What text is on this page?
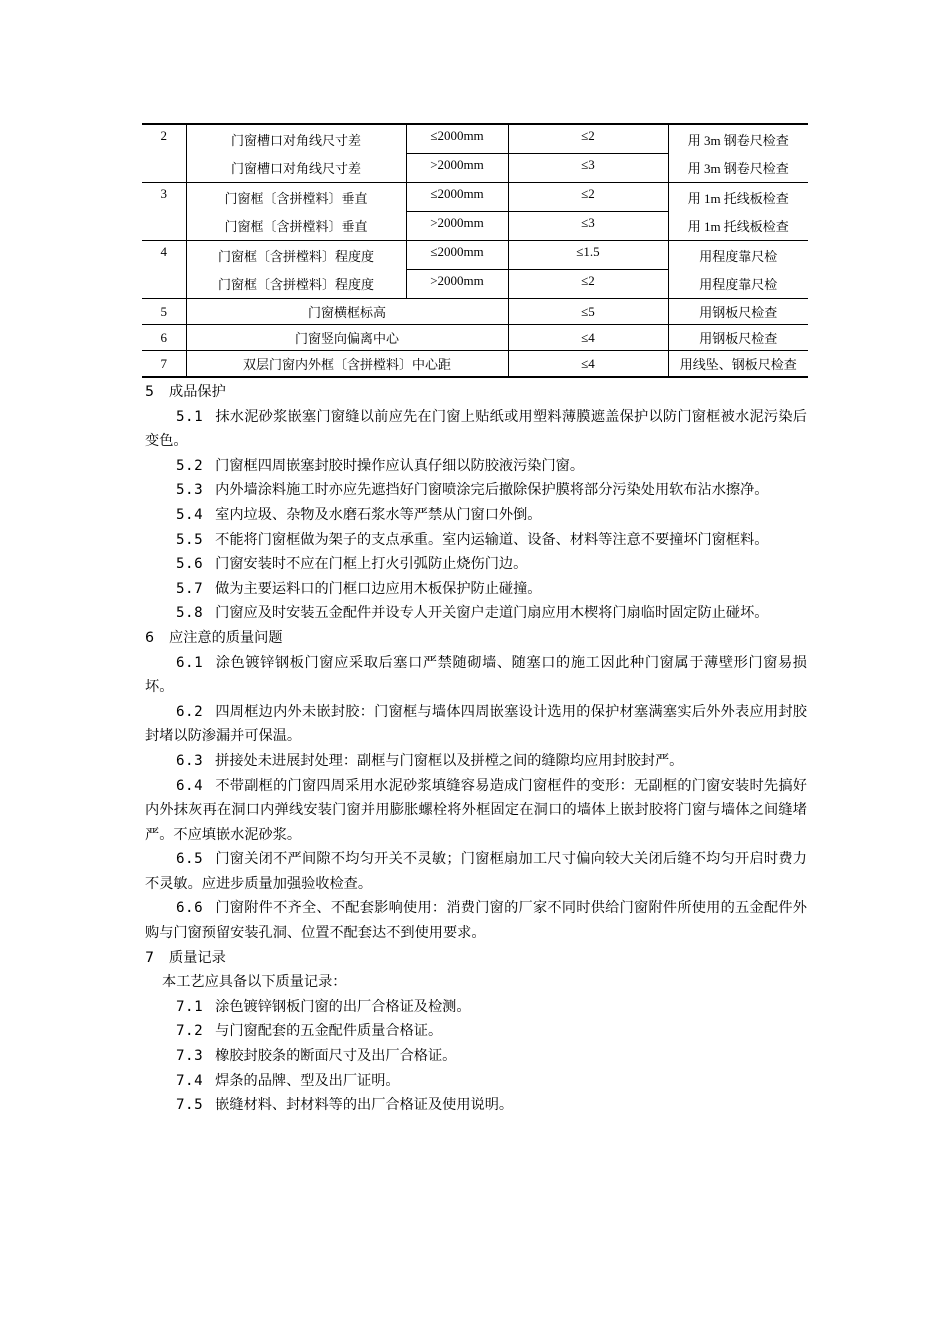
2	门窗槽口对角线尺寸差	≤2000mm	≤2	用 3m 钢卷尺检查
	门窗槽口对角线尺寸差	>2000mm	≤3	用 3m 钢卷尺检查
3	门窗框〔含拼樘料〕垂直	≤2000mm	≤2	用 1m 托线板检查
	门窗框〔含拼樘料〕垂直	>2000mm	≤3	用 1m 托线板检查
4	门窗框〔含拼樘料〕程度度	≤2000mm	≤1.5	用程度靠尺检
	门窗框〔含拼樘料〕程度度	>2000mm	≤2	用程度靠尺检
5	门窗横框标高		≤5	用钢板尺检查
6	门窗竖向偏离中心		≤4	用钢板尺检查
7	双层门窗内外框〔含拼樘料〕中心距		≤4	用线坠、钢板尺检查

5 成品保护

5.1 抹水泥砂浆嵌塞门窗缝以前应先在门窗上贴纸或用塑料薄膜遮盖保护以防门窗框被水泥污染后变色。

5.2 门窗框四周嵌塞封胶时操作应认真仔细以防胶液污染门窗。

5.3 内外墙涂料施工时亦应先遮挡好门窗喷涂完后撤除保护膜将部分污染处用软布沾水擦净。

5.4 室内垃圾、杂物及水磨石浆水等严禁从门窗口外倒。

5.5 不能将门窗框做为架子的支点承重。室内运输道、设备、材料等注意不要撞坏门窗框料。

5.6 门窗安装时不应在门框上打火引弧防止烧伤门边。

5.7 做为主要运料口的门框口边应用木板保护防止碰撞。

5.8 门窗应及时安装五金配件并设专人开关窗户走道门扇应用木楔将门扇临时固定防止碰坏。

6 应注意的质量问题

6.1 涂色镀锌钢板门窗应采取后塞口严禁随砌墙、随塞口的施工因此种门窗属于薄壁形门窗易损坏。

6.2 四周框边内外未嵌封胶：门窗框与墙体四周嵌塞设计选用的保护材塞满塞实后外外表应用封胶封堵以防渗漏并可保温。

6.3 拼接处未进展封处理：副框与门窗框以及拼樘之间的缝隙均应用封胶封严。

6.4 不带副框的门窗四周采用水泥砂浆填缝容易造成门窗框件的变形：无副框的门窗安装时先搞好内外抹灰再在洞口内弹线安装门窗并用膨胀螺栓将外框固定在洞口的墙体上嵌封胶将门窗与墙体之间缝堵严。不应填嵌水泥砂浆。

6.5 门窗关闭不严间隙不均匀开关不灵敏；门窗框扇加工尺寸偏向较大关闭后缝不均匀开启时费力不灵敏。应进步质量加强验收检查。

6.6 门窗附件不齐全、不配套影响使用：消费门窗的厂家不同时供给门窗附件所使用的五金配件外购与门窗预留安装孔洞、位置不配套达不到使用要求。

7 质量记录

本工艺应具备以下质量记录：

7.1 涂色镀锌钢板门窗的出厂合格证及检测。

7.2 与门窗配套的五金配件质量合格证。

7.3 橡胶封胶条的断面尺寸及出厂合格证。

7.4 焊条的品牌、型及出厂证明。

7.5 嵌缝材料、封材料等的出厂合格证及使用说明。
